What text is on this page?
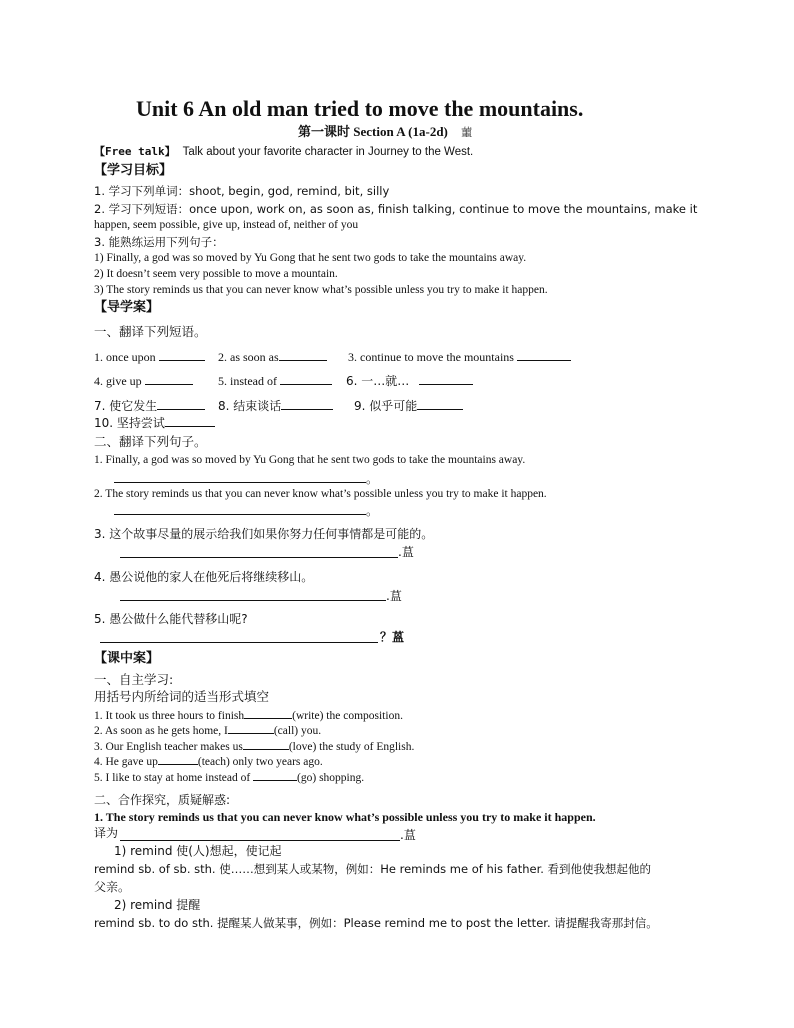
Unit 6 An old man tried to move the mountains.
第一课时 Section A (1a-2d) 蘁
【Free talk】 Talk about your favorite character in Journey to the West.
【学习目标】
1. 学习下列单词：shoot, begin, god, remind, bit, silly
2. 学习下列短语：once upon, work on, as soon as, finish talking, continue to move the mountains, make it
happen, seem possible, give up, instead of, neither of you
3. 能熟练运用下列句子：
1) Finally, a god was so moved by Yu Gong that he sent two gods to take the mountains away.
2) It doesn’t seem very possible to move a mountain.
3) The story reminds us that you can never know what’s possible unless you try to make it happen.
【导学案】
一、翻译下列短语。
1. once upon	2. as soon as	3. continue to move the mountains
4. give up	5. instead of	6. 一…就…
7. 使它发生	8. 结束谈话	9. 似乎可能
10. 坚持尝试
二、翻译下列句子。
1. Finally, a god was so moved by Yu Gong that he sent two gods to take the mountains away.
。
2. The story reminds us that you can never know what’s possible unless you try to make it happen.
。
3. 这个故事尽量的展示给我们如果你努力任何事情都是可能的。
.蒀
4. 愚公说他的家人在他死后将继续移山。
.蒀
5. 愚公做什么能代替移山呢?
？蒕
【课中案】
一、自主学习:
用括号内所给词的适当形式填空
1. It took us three hours to finish	(write) the composition.
2. As soon as he gets home, I	(call) you.
3. Our English teacher makes us	(love) the study of English.
4. He gave up	(teach) only two years ago.
5. I like to stay at home instead of	(go) shopping.
二、合作探究，质疑解惑:
1. The story reminds us that you can never know what’s possible unless you try to make it happen.
译为	.蒀
1) remind 使(人)想起，使记起
remind sb. of sb. sth. 使……想到某人或某物，例如：He reminds me of his father. 看到他使我想起他的
父亲。
2) remind 提醒
remind sb. to do sth. 提醒某人做某事，例如：Please remind me to post the letter. 请提醒我寄那封信。
